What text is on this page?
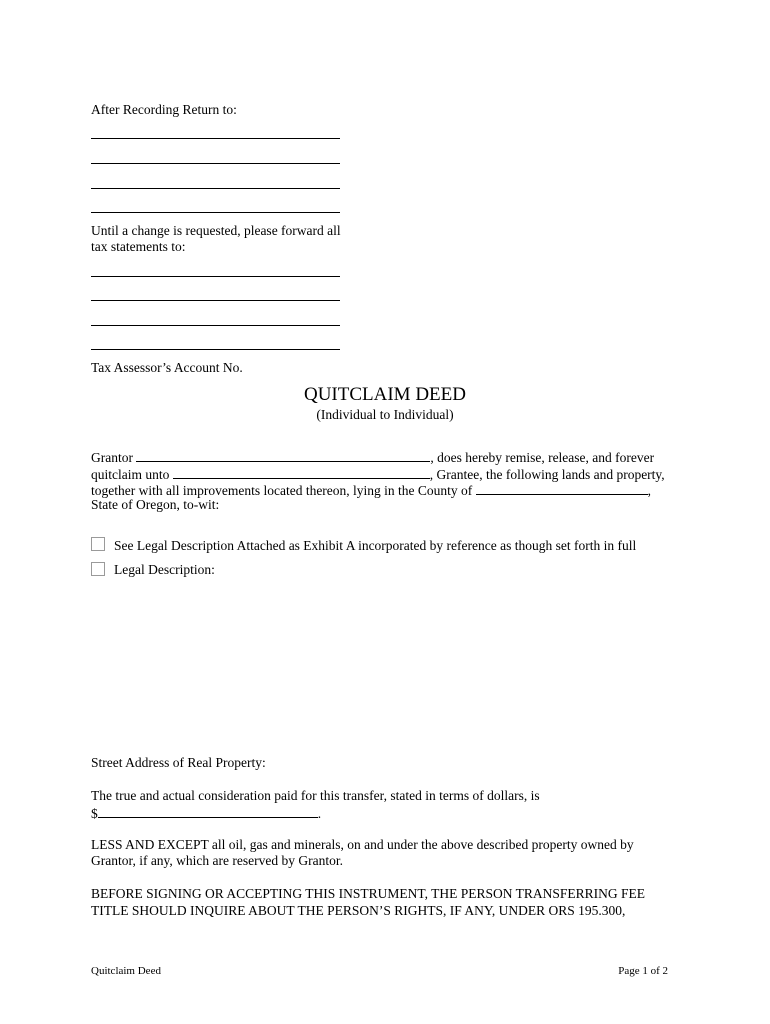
After Recording Return to:
Until a change is requested, please forward all
tax statements to:
Tax Assessor’s Account No.
QUITCLAIM DEED
(Individual to Individual)
Grantor	, does hereby remise, release, and forever
quitclaim unto	, Grantee, the following lands and property,
together with all improvements located thereon, lying in the County of	,
State of Oregon, to-wit:
See Legal Description Attached as Exhibit A incorporated by reference as though set forth in full
Legal Description:
Street Address of Real Property:
The true and actual consideration paid for this transfer, stated in terms of dollars, is
$	.
LESS AND EXCEPT all oil, gas and minerals, on and under the above described property owned by
Grantor, if any, which are reserved by Grantor.
BEFORE SIGNING OR ACCEPTING THIS INSTRUMENT, THE PERSON TRANSFERRING FEE
TITLE SHOULD INQUIRE ABOUT THE PERSON’S RIGHTS, IF ANY, UNDER ORS 195.300,
Quitclaim Deed	Page 1 of 2
